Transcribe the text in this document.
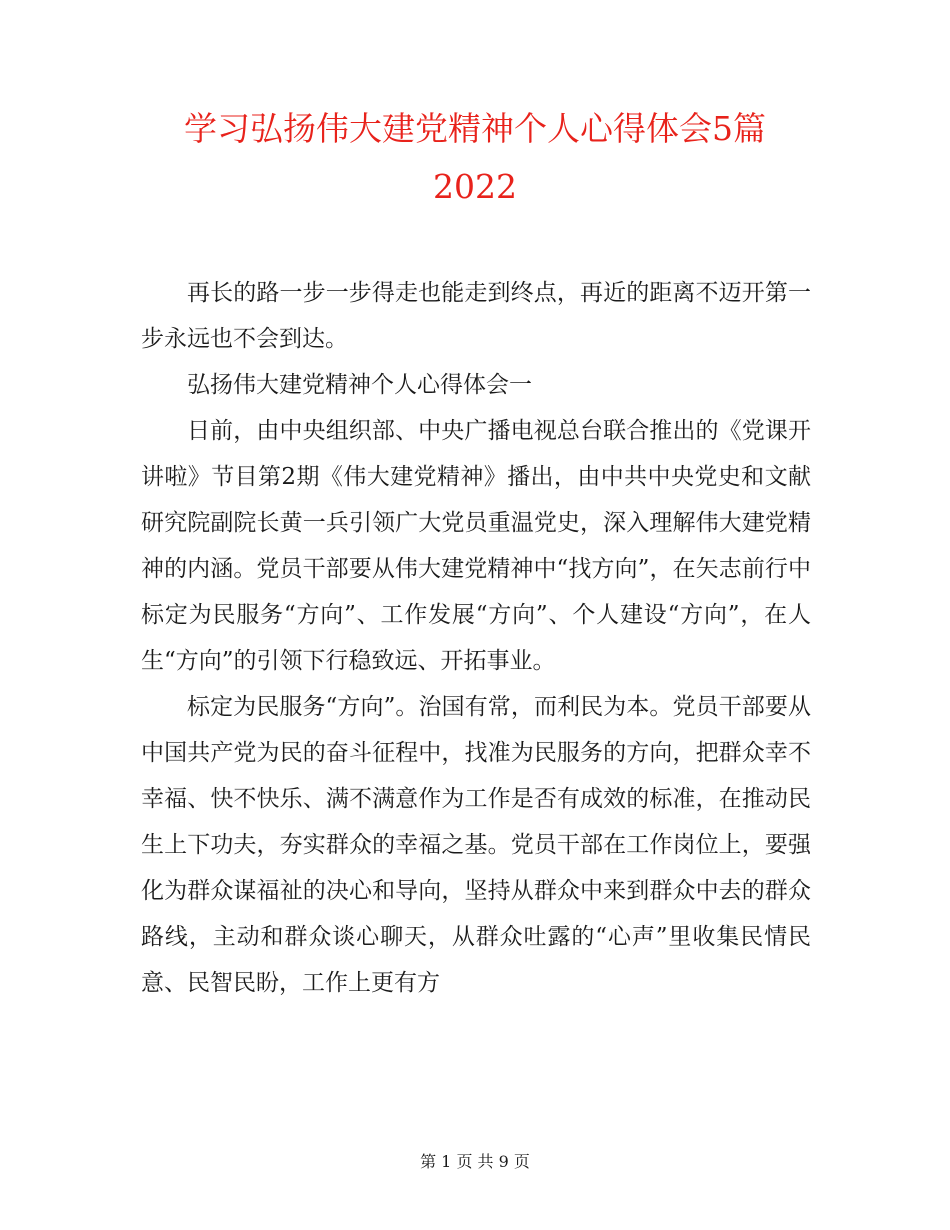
学习弘扬伟大建党精神个人心得体会5篇
2022

再长的路一步一步得走也能走到终点，再近的距离不迈开第一步永远也不会到达。

弘扬伟大建党精神个人心得体会一

日前，由中央组织部、中央广播电视总台联合推出的《党课开讲啦》节目第2期《伟大建党精神》播出，由中共中央党史和文献研究院副院长黄一兵引领广大党员重温党史，深入理解伟大建党精神的内涵。党员干部要从伟大建党精神中“找方向”，在矢志前行中标定为民服务“方向”、工作发展“方向”、个人建设“方向”，在人生“方向”的引领下行稳致远、开拓事业。

标定为民服务“方向”。治国有常，而利民为本。党员干部要从中国共产党为民的奋斗征程中，找准为民服务的方向，把群众幸不幸福、快不快乐、满不满意作为工作是否有成效的标准，在推动民生上下功夫，夯实群众的幸福之基。党员干部在工作岗位上，要强化为群众谋福祉的决心和导向，坚持从群众中来到群众中去的群众路线，主动和群众谈心聊天，从群众吐露的“心声”里收集民情民意、民智民盼，工作上更有方

第 1 页 共 9 页
